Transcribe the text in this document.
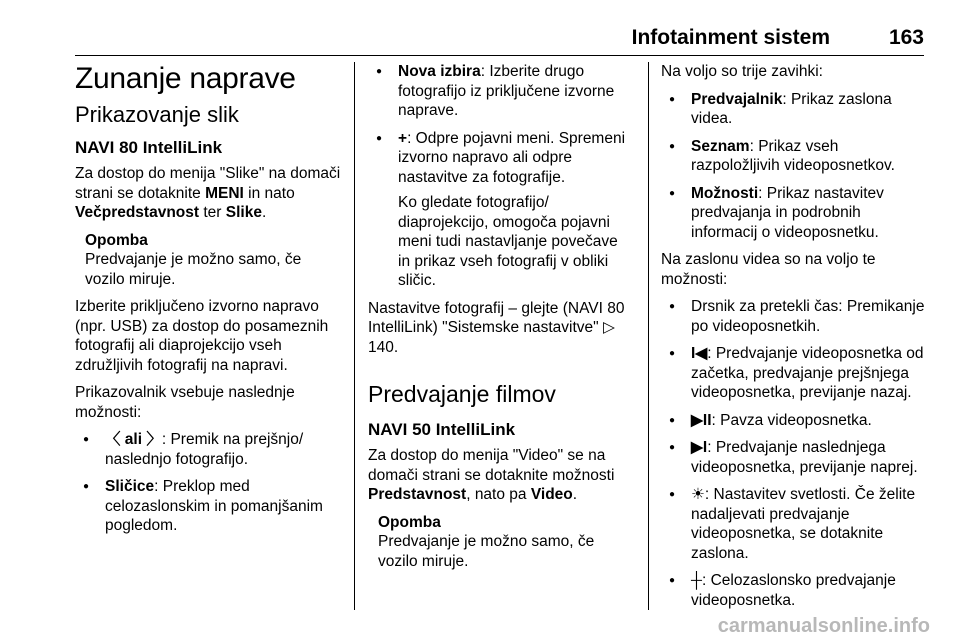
Infotainment sistem	163
Zunanje naprave
Prikazovanje slik
NAVI 80 IntelliLink

Za dostop do menija "Slike" na domači strani se dotaknite MENI in nato Večpredstavnost ter Slike.

Opomba
Predvajanje je možno samo, če vozilo miruje.

Izberite priključeno izvorno napravo (npr. USB) za dostop do posameznih fotografij ali diaprojekcijo vseh združljivih fotografij na napravi.

Prikazovalnik vsebuje naslednje možnosti:

● 〈 ali 〉: Premik na prejšnjo/ naslednjo fotografijo.
● Sličice: Preklop med celozaslonskim in pomanjšanim pogledom.
● Nova izbira: Izberite drugo fotografijo iz priključene izvorne naprave.
● +: Odpre pojavni meni. Spremeni izvorno napravo ali odpre nastavitve za fotografije.
Ko gledate fotografijo/ diaprojekcijo, omogoča pojavni meni tudi nastavljanje povečave in prikaz vseh fotografij v obliki sličic.

Nastavitve fotografij – glejte (NAVI 80 IntelliLink) "Sistemske nastavitve" ▷ 140.

Predvajanje filmov
NAVI 50 IntelliLink

Za dostop do menija "Video" se na domači strani se dotaknite možnosti Predstavnost, nato pa Video.

Opomba
Predvajanje je možno samo, če vozilo miruje.

Na voljo so trije zavihki:

● Predvajalnik: Prikaz zaslona videa.
● Seznam: Prikaz vseh razpoložljivih videoposnetkov.
● Možnosti: Prikaz nastavitev predvajanja in podrobnih informacij o videoposnetku.

Na zaslonu videa so na voljo te možnosti:

● Drsnik za pretekli čas: Premikanje po videoposnetkih.
● I◀: Predvajanje videoposnetka od začetka, predvajanje prejšnjega videoposnetka, previjanje nazaj.
● ▶II: Pavza videoposnetka.
● ▶I: Predvajanje naslednjega videoposnetka, previjanje naprej.
● ☀: Nastavitev svetlosti. Če želite nadaljevati predvajanje videoposnetka, se dotaknite zaslona.
● ┼: Celozaslonsko predvajanje videoposnetka.
carmanualsonline.info
